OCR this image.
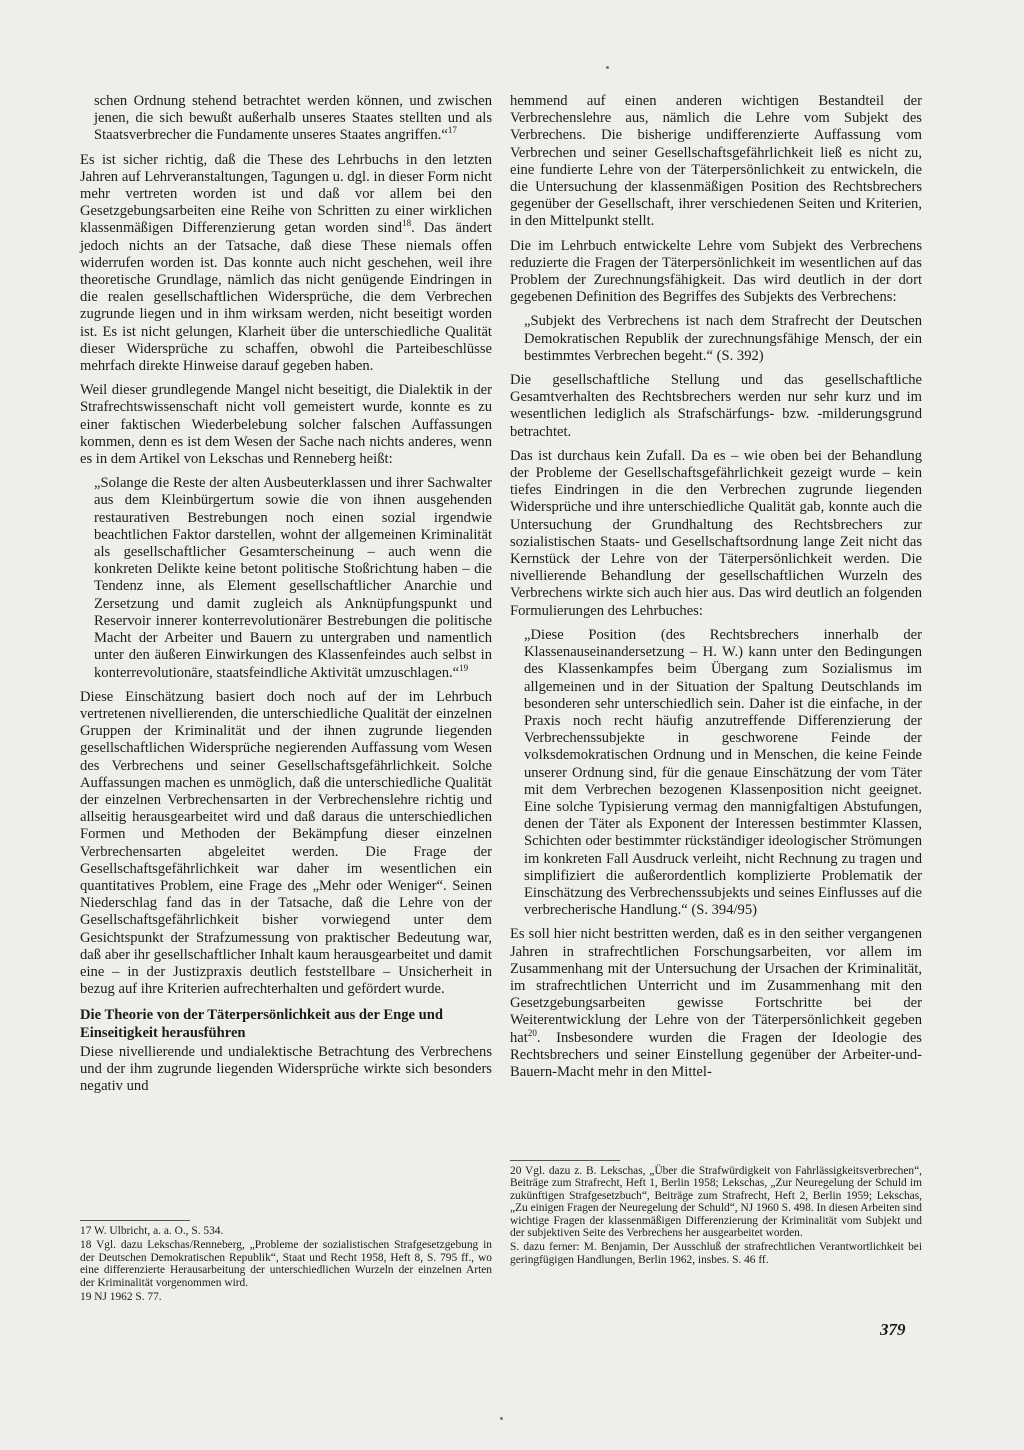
schen Ordnung stehend betrachtet werden können, und zwischen jenen, die sich bewußt außerhalb unseres Staates stellten und als Staatsverbrecher die Fundamente unseres Staates angriffen.“$^{17}$

Es ist sicher richtig, daß die These des Lehrbuchs in den letzten Jahren auf Lehrveranstaltungen, Tagungen u. dgl. in dieser Form nicht mehr vertreten worden ist und daß vor allem bei den Gesetzgebungsarbeiten eine Reihe von Schritten zu einer wirklichen klassenmäßigen Differenzierung getan worden sind$^{18}$. Das ändert jedoch nichts an der Tatsache, daß diese These niemals offen widerrufen worden ist. Das konnte auch nicht geschehen, weil ihre theoretische Grundlage, nämlich das nicht genügende Eindringen in die realen gesellschaftlichen Widersprüche, die dem Verbrechen zugrunde liegen und in ihm wirksam werden, nicht beseitigt worden ist. Es ist nicht gelungen, Klarheit über die unterschiedliche Qualität dieser Widersprüche zu schaffen, obwohl die Parteibeschlüsse mehrfach direkte Hinweise darauf gegeben haben.

Weil dieser grundlegende Mangel nicht beseitigt, die Dialektik in der Strafrechtswissenschaft nicht voll gemeistert wurde, konnte es zu einer faktischen Wiederbelebung solcher falschen Auffassungen kommen, denn es ist dem Wesen der Sache nach nichts anderes, wenn es in dem Artikel von Lekschas und Renneberg heißt:

„Solange die Reste der alten Ausbeuterklassen und ihrer Sachwalter aus dem Kleinbürgertum sowie die von ihnen ausgehenden restaurativen Bestrebungen noch einen sozial irgendwie beachtlichen Faktor darstellen, wohnt der allgemeinen Kriminalität als gesellschaftlicher Gesamterscheinung – auch wenn die konkreten Delikte keine betont politische Stoßrichtung haben – die Tendenz inne, als Element gesellschaftlicher Anarchie und Zersetzung und damit zugleich als Anknüpfungspunkt und Reservoir innerer konterrevolutionärer Bestrebungen die politische Macht der Arbeiter und Bauern zu untergraben und namentlich unter den äußeren Einwirkungen des Klassenfeindes auch selbst in konterrevolutionäre, staatsfeindliche Aktivität umzuschlagen.“$^{19}$

Diese Einschätzung basiert doch noch auf der im Lehrbuch vertretenen nivellierenden, die unterschiedliche Qualität der einzelnen Gruppen der Kriminalität und der ihnen zugrunde liegenden gesellschaftlichen Widersprüche negierenden Auffassung vom Wesen des Verbrechens und seiner Gesellschaftsgefährlichkeit. Solche Auffassungen machen es unmöglich, daß die unterschiedliche Qualität der einzelnen Verbrechensarten in der Verbrechenslehre richtig und allseitig herausgearbeitet wird und daß daraus die unterschiedlichen Formen und Methoden der Bekämpfung dieser einzelnen Verbrechensarten abgeleitet werden. Die Frage der Gesellschaftsgefährlichkeit war daher im wesentlichen ein quantitatives Problem, eine Frage des „Mehr oder Weniger“. Seinen Niederschlag fand das in der Tatsache, daß die Lehre von der Gesellschaftsgefährlichkeit bisher vorwiegend unter dem Gesichtspunkt der Strafzumessung von praktischer Bedeutung war, daß aber ihr gesellschaftlicher Inhalt kaum herausgearbeitet und damit eine – in der Justizpraxis deutlich feststellbare – Unsicherheit in bezug auf ihre Kriterien aufrechterhalten und gefördert wurde.

Die Theorie von der Täterpersönlichkeit aus der Enge und Einseitigkeit herausführen

Diese nivellierende und undialektische Betrachtung des Verbrechens und der ihm zugrunde liegenden Widersprüche wirkte sich besonders negativ und

17 W. Ulbricht, a. a. O., S. 534.

18 Vgl. dazu Lekschas/Renneberg, „Probleme der sozialistischen Strafgesetzgebung in der Deutschen Demokratischen Republik“, Staat und Recht 1958, Heft 8, S. 795 ff., wo eine differenzierte Herausarbeitung der unterschiedlichen Wurzeln der einzelnen Arten der Kriminalität vorgenommen wird.

19 NJ 1962 S. 77.

hemmend auf einen anderen wichtigen Bestandteil der Verbrechenslehre aus, nämlich die Lehre vom Subjekt des Verbrechens. Die bisherige undifferenzierte Auffassung vom Verbrechen und seiner Gesellschaftsgefährlichkeit ließ es nicht zu, eine fundierte Lehre von der Täterpersönlichkeit zu entwickeln, die die Untersuchung der klassenmäßigen Position des Rechtsbrechers gegenüber der Gesellschaft, ihrer verschiedenen Seiten und Kriterien, in den Mittelpunkt stellt.

Die im Lehrbuch entwickelte Lehre vom Subjekt des Verbrechens reduzierte die Fragen der Täterpersönlichkeit im wesentlichen auf das Problem der Zurechnungsfähigkeit. Das wird deutlich in der dort gegebenen Definition des Begriffes des Subjekts des Verbrechens:

„Subjekt des Verbrechens ist nach dem Strafrecht der Deutschen Demokratischen Republik der zurechnungsfähige Mensch, der ein bestimmtes Verbrechen begeht.“ (S. 392)

Die gesellschaftliche Stellung und das gesellschaftliche Gesamtverhalten des Rechtsbrechers werden nur sehr kurz und im wesentlichen lediglich als Strafschärfungs- bzw. -milderungsgrund betrachtet.

Das ist durchaus kein Zufall. Da es – wie oben bei der Behandlung der Probleme der Gesellschaftsgefährlichkeit gezeigt wurde – kein tiefes Eindringen in die den Verbrechen zugrunde liegenden Widersprüche und ihre unterschiedliche Qualität gab, konnte auch die Untersuchung der Grundhaltung des Rechtsbrechers zur sozialistischen Staats- und Gesellschaftsordnung lange Zeit nicht das Kernstück der Lehre von der Täterpersönlichkeit werden. Die nivellierende Behandlung der gesellschaftlichen Wurzeln des Verbrechens wirkte sich auch hier aus. Das wird deutlich an folgenden Formulierungen des Lehrbuches:

„Diese Position (des Rechtsbrechers innerhalb der Klassenauseinandersetzung – H. W.) kann unter den Bedingungen des Klassenkampfes beim Übergang zum Sozialismus im allgemeinen und in der Situation der Spaltung Deutschlands im besonderen sehr unterschiedlich sein. Daher ist die einfache, in der Praxis noch recht häufig anzutreffende Differenzierung der Verbrechenssubjekte in geschworene Feinde der volksdemokratischen Ordnung und in Menschen, die keine Feinde unserer Ordnung sind, für die genaue Einschätzung der vom Täter mit dem Verbrechen bezogenen Klassenposition nicht geeignet. Eine solche Typisierung vermag den mannigfaltigen Abstufungen, denen der Täter als Exponent der Interessen bestimmter Klassen, Schichten oder bestimmter rückständiger ideologischer Strömungen im konkreten Fall Ausdruck verleiht, nicht Rechnung zu tragen und simplifiziert die außerordentlich komplizierte Problematik der Einschätzung des Verbrechenssubjekts und seines Einflusses auf die verbrecherische Handlung.“ (S. 394/95)

Es soll hier nicht bestritten werden, daß es in den seither vergangenen Jahren in strafrechtlichen Forschungsarbeiten, vor allem im Zusammenhang mit der Untersuchung der Ursachen der Kriminalität, im strafrechtlichen Unterricht und im Zusammenhang mit den Gesetzgebungsarbeiten gewisse Fortschritte bei der Weiterentwicklung der Lehre von der Täterpersönlichkeit gegeben hat$^{20}$. Insbesondere wurden die Fragen der Ideologie des Rechtsbrechers und seiner Einstellung gegenüber der Arbeiter-und-Bauern-Macht mehr in den Mittel-

20 Vgl. dazu z. B. Lekschas, „Über die Strafwürdigkeit von Fahrlässigkeitsverbrechen“, Beiträge zum Strafrecht, Heft 1, Berlin 1958; Lekschas, „Zur Neuregelung der Schuld im zukünftigen Strafgesetzbuch“, Beiträge zum Strafrecht, Heft 2, Berlin 1959; Lekschas, „Zu einigen Fragen der Neuregelung der Schuld“, NJ 1960 S. 498. In diesen Arbeiten sind wichtige Fragen der klassenmäßigen Differenzierung der Kriminalität vom Subjekt und der subjektiven Seite des Verbrechens her ausgearbeitet worden.

S. dazu ferner: M. Benjamin, Der Ausschluß der strafrechtlichen Verantwortlichkeit bei geringfügigen Handlungen, Berlin 1962, insbes. S. 46 ff.

379
